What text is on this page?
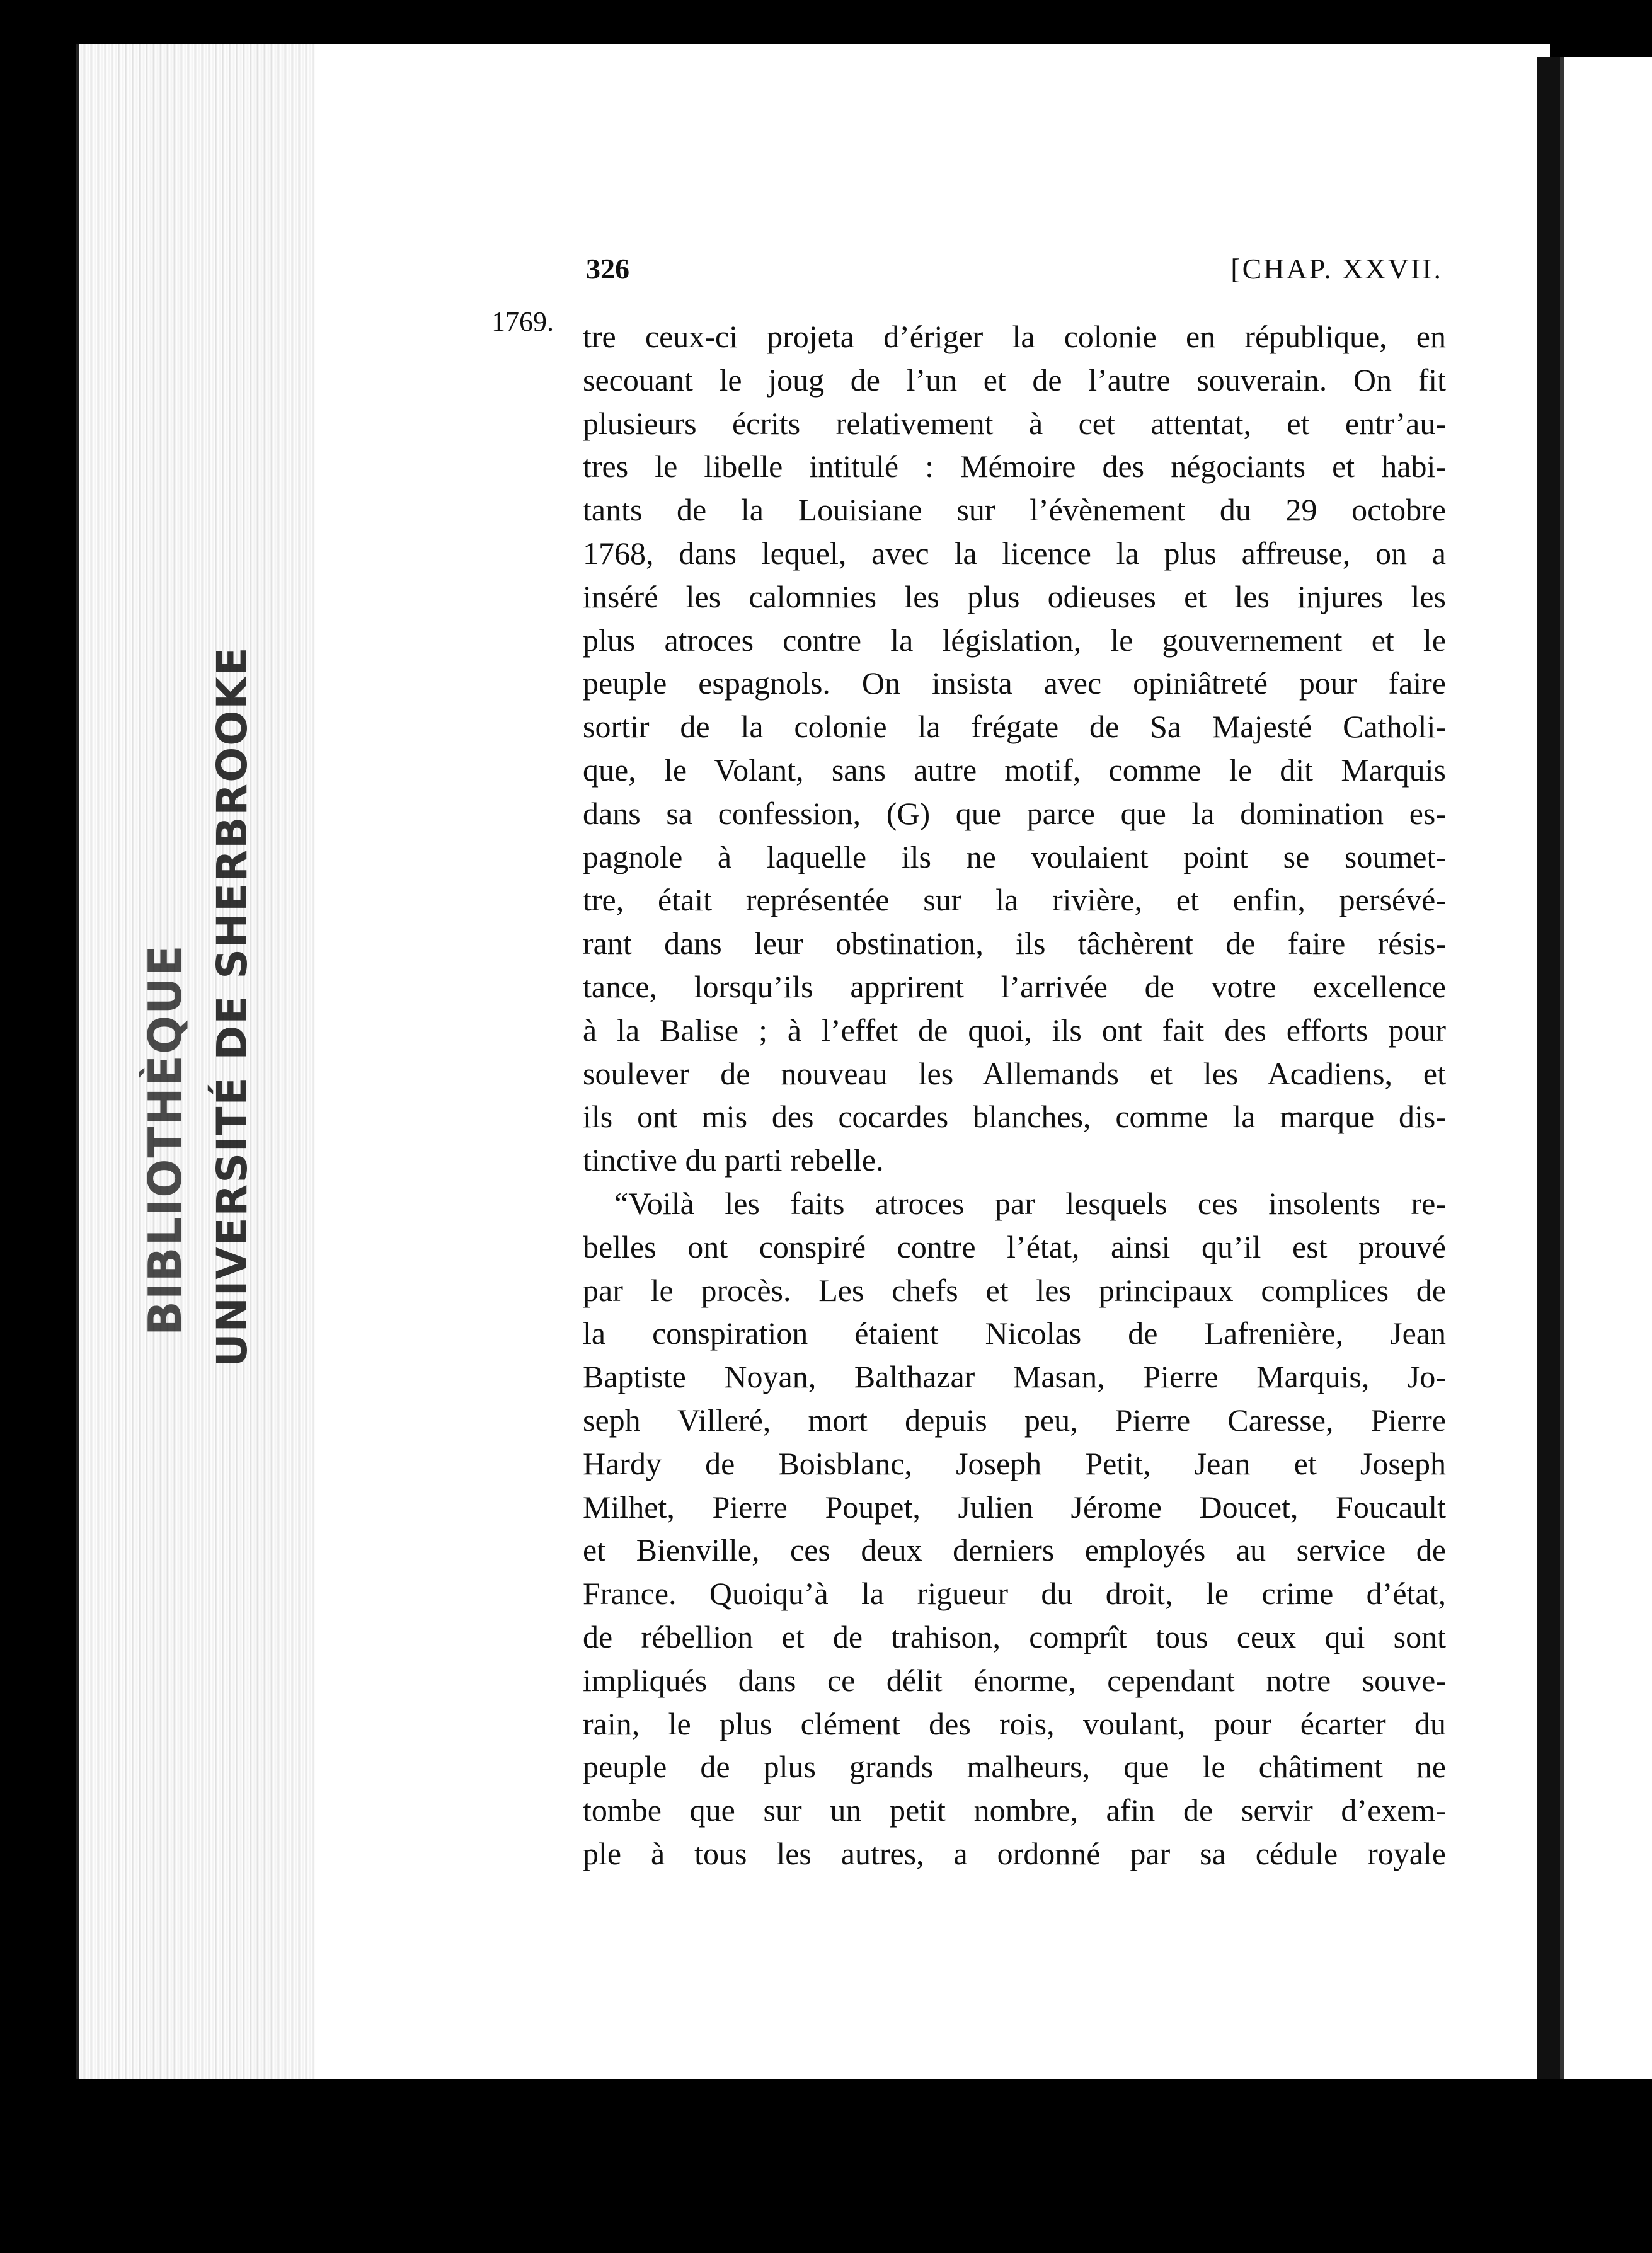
BIBLIOTHÈQUE UNIVERSITÉ DE SHERBROOKE
326	[CHAP. XXVII.
1769. tre ceux-ci projeta d’ériger la colonie en république, en
secouant le joug de l’un et de l’autre souverain. On fit
plusieurs écrits relativement à cet attentat, et entr’au-
tres le libelle intitulé : Mémoire des négociants et habi-
tants de la Louisiane sur l’évènement du 29 octobre
1768, dans lequel, avec la licence la plus affreuse, on a
inséré les calomnies les plus odieuses et les injures les
plus atroces contre la législation, le gouvernement et le
peuple espagnols. On insista avec opiniâtreté pour faire
sortir de la colonie la frégate de Sa Majesté Catholi-
que, le Volant, sans autre motif, comme le dit Marquis
dans sa confession, (G) que parce que la domination es-
pagnole à laquelle ils ne voulaient point se soumet-
tre, était représentée sur la rivière, et enfin, persévé-
rant dans leur obstination, ils tâchèrent de faire résis-
tance, lorsqu’ils apprirent l’arrivée de votre excellence
à la Balise ; à l’effet de quoi, ils ont fait des efforts pour
soulever de nouveau les Allemands et les Acadiens, et
ils ont mis des cocardes blanches, comme la marque dis-
tinctive du parti rebelle.
“Voilà les faits atroces par lesquels ces insolents re-
belles ont conspiré contre l’état, ainsi qu’il est prouvé
par le procès. Les chefs et les principaux complices de
la conspiration étaient Nicolas de Lafrenière, Jean
Baptiste Noyan, Balthazar Masan, Pierre Marquis, Jo-
seph Villeré, mort depuis peu, Pierre Caresse, Pierre
Hardy de Boisblanc, Joseph Petit, Jean et Joseph
Milhet, Pierre Poupet, Julien Jérome Doucet, Foucault
et Bienville, ces deux derniers employés au service de
France. Quoiqu’à la rigueur du droit, le crime d’état,
de rébellion et de trahison, comprît tous ceux qui sont
impliqués dans ce délit énorme, cependant notre souve-
rain, le plus clément des rois, voulant, pour écarter du
peuple de plus grands malheurs, que le châtiment ne
tombe que sur un petit nombre, afin de servir d’exem-
ple à tous les autres, a ordonné par sa cédule royale
